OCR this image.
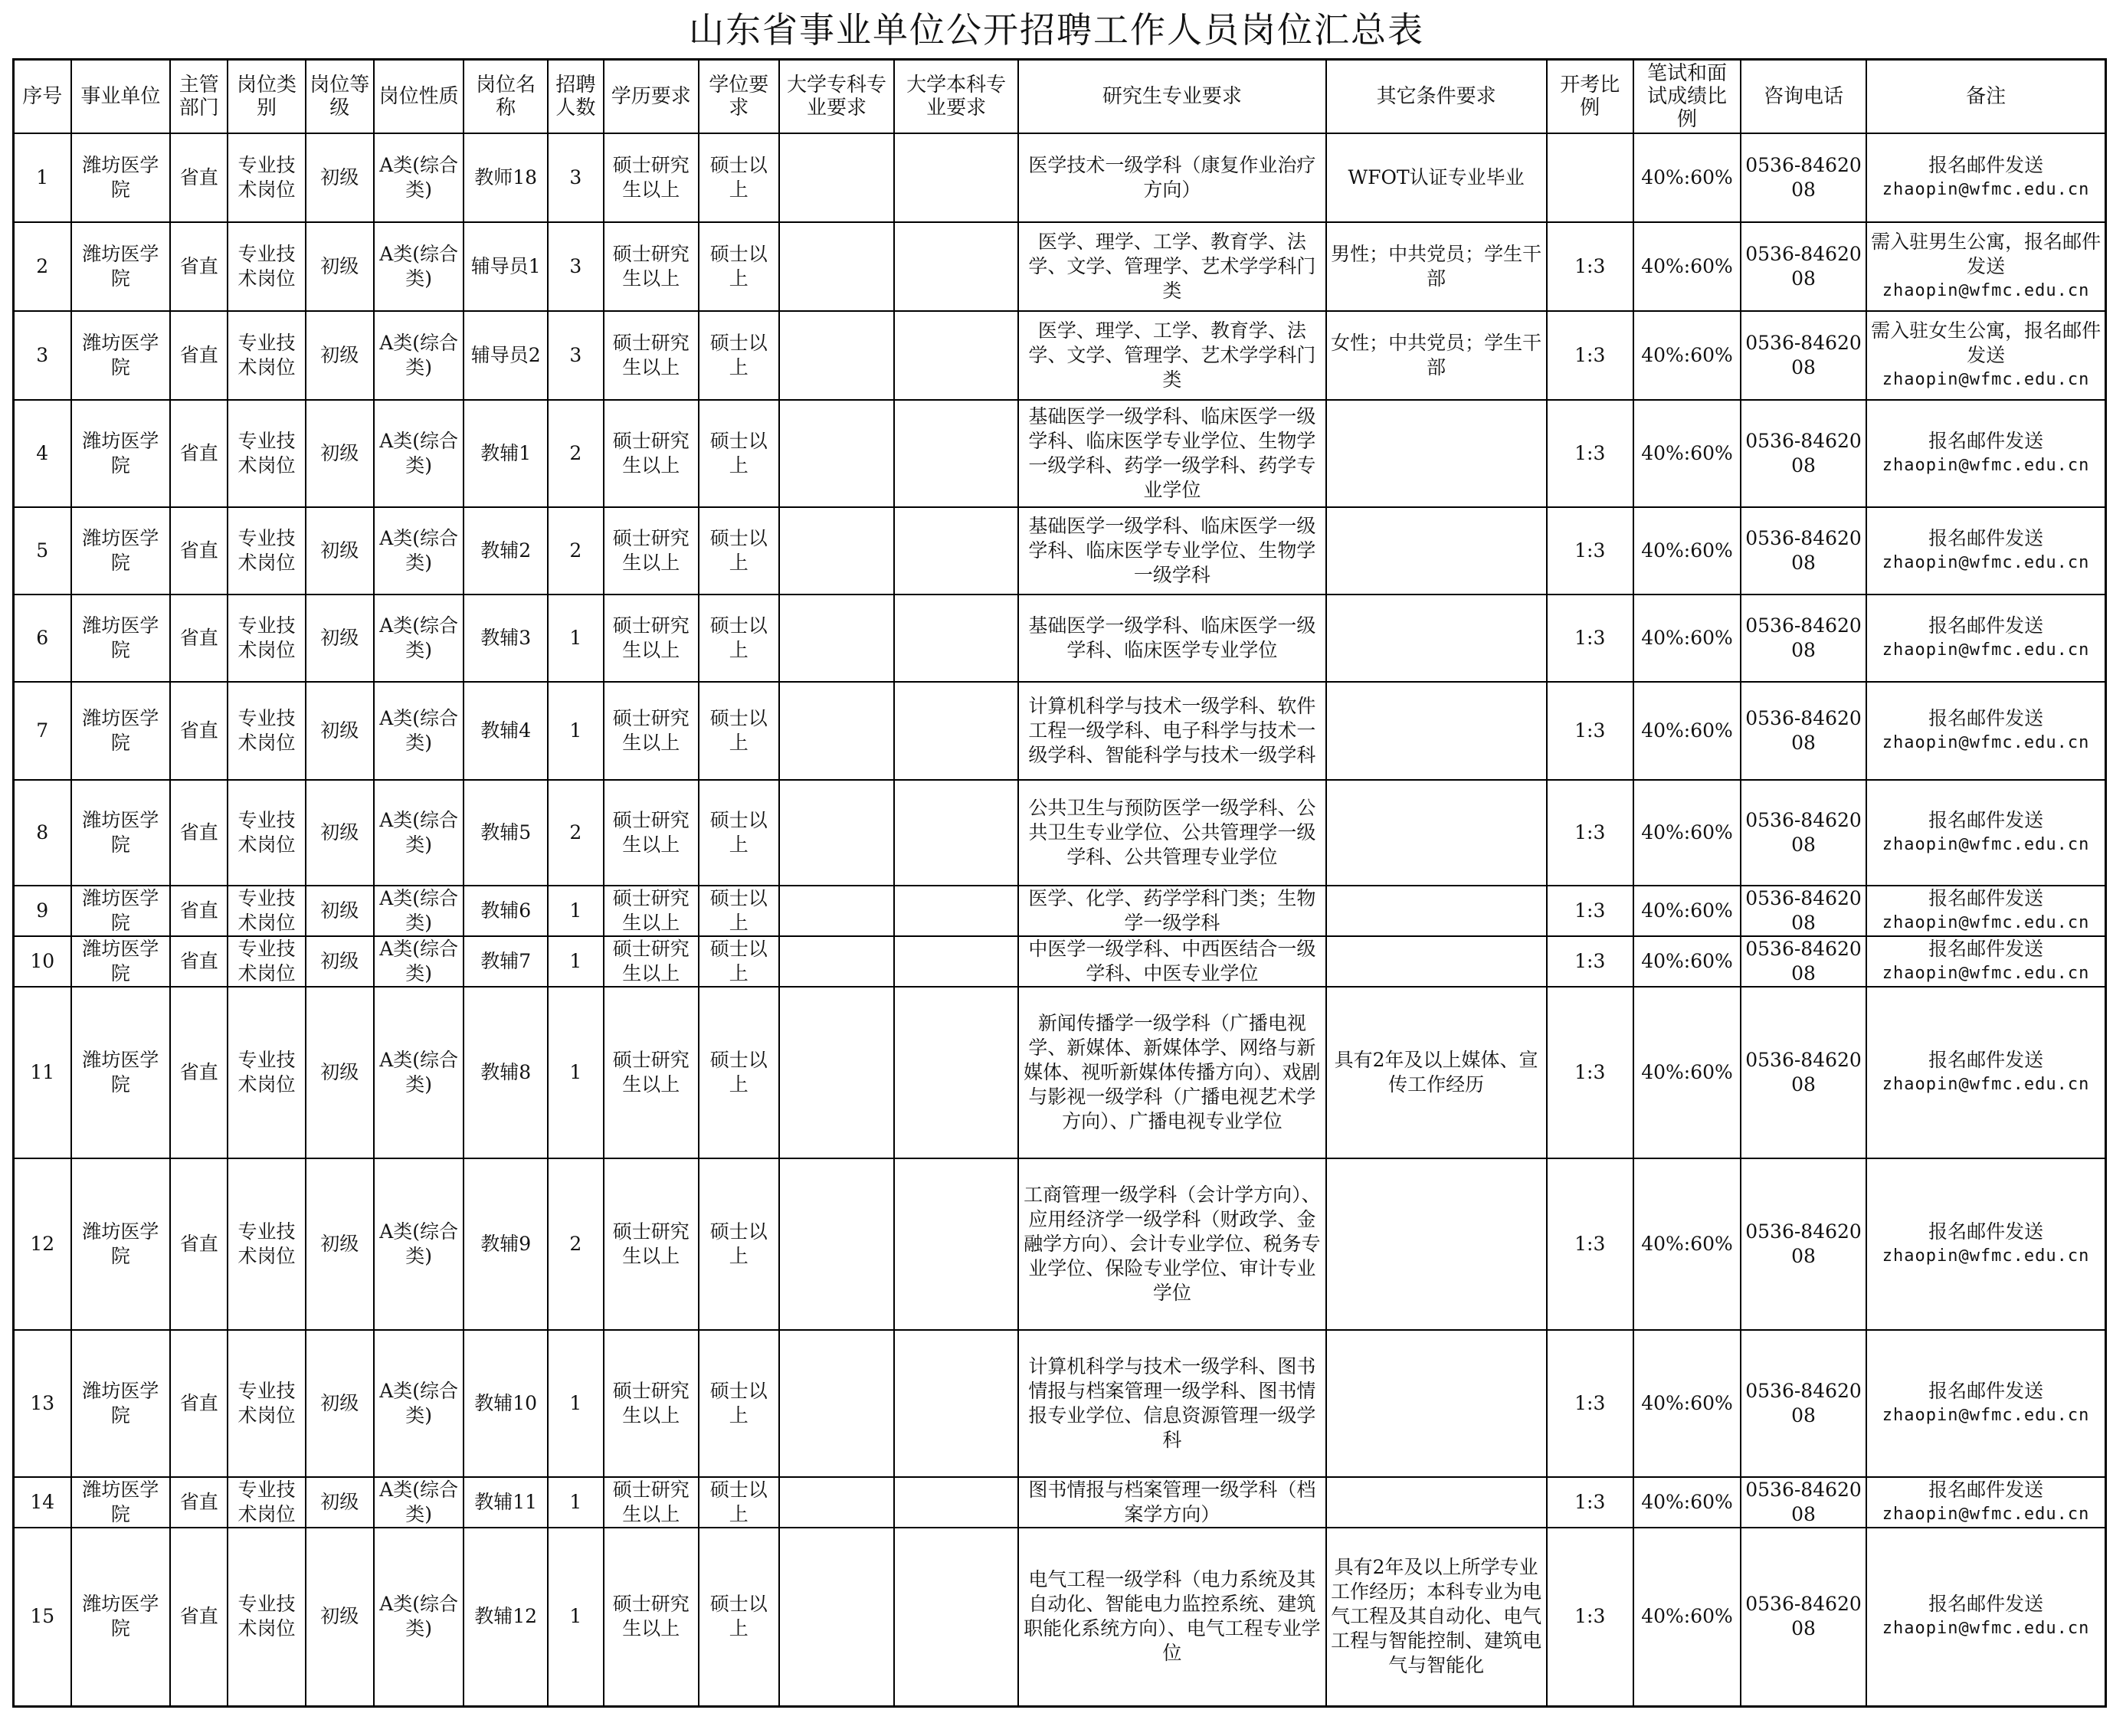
山东省事业单位公开招聘工作人员岗位汇总表
序号	事业单位	主管部门	岗位类别	岗位等级	岗位性质	岗位名称	招聘人数	学历要求	学位要求	大学专科专业要求	大学本科专业要求	研究生专业要求	其它条件要求	开考比例	笔试和面试成绩比例	咨询电话	备注
1	潍坊医学院	省直	专业技术岗位	初级	A类(综合类)	教师18	3	硕士研究生以上	硕士以上			医学技术一级学科（康复作业治疗方向）	WFOT认证专业毕业		40%:60%	0536-8462008	报名邮件发送
zhaopin@wfmc.edu.cn

2	潍坊医学院	省直	专业技术岗位	初级	A类(综合类)	辅导员1	3	硕士研究生以上	硕士以上			医学、理学、工学、教育学、法学、文学、管理学、艺术学学科门类	男性；中共党员；学生干部	1:3	40%:60%	0536-8462008	需入驻男生公寓，报名邮件发送
zhaopin@wfmc.edu.cn

3	潍坊医学院	省直	专业技术岗位	初级	A类(综合类)	辅导员2	3	硕士研究生以上	硕士以上			医学、理学、工学、教育学、法学、文学、管理学、艺术学学科门类	女性；中共党员；学生干部	1:3	40%:60%	0536-8462008	需入驻女生公寓，报名邮件发送
zhaopin@wfmc.edu.cn

4	潍坊医学院	省直	专业技术岗位	初级	A类(综合类)	教辅1	2	硕士研究生以上	硕士以上			基础医学一级学科、临床医学一级学科、临床医学专业学位、生物学一级学科、药学一级学科、药学专业学位		1:3	40%:60%	0536-8462008	报名邮件发送
zhaopin@wfmc.edu.cn

5	潍坊医学院	省直	专业技术岗位	初级	A类(综合类)	教辅2	2	硕士研究生以上	硕士以上			基础医学一级学科、临床医学一级学科、临床医学专业学位、生物学一级学科		1:3	40%:60%	0536-8462008	报名邮件发送
zhaopin@wfmc.edu.cn

6	潍坊医学院	省直	专业技术岗位	初级	A类(综合类)	教辅3	1	硕士研究生以上	硕士以上			基础医学一级学科、临床医学一级学科、临床医学专业学位		1:3	40%:60%	0536-8462008	报名邮件发送
zhaopin@wfmc.edu.cn

7	潍坊医学院	省直	专业技术岗位	初级	A类(综合类)	教辅4	1	硕士研究生以上	硕士以上			计算机科学与技术一级学科、软件工程一级学科、电子科学与技术一级学科、智能科学与技术一级学科		1:3	40%:60%	0536-8462008	报名邮件发送
zhaopin@wfmc.edu.cn

8	潍坊医学院	省直	专业技术岗位	初级	A类(综合类)	教辅5	2	硕士研究生以上	硕士以上			公共卫生与预防医学一级学科、公共卫生专业学位、公共管理学一级学科、公共管理专业学位		1:3	40%:60%	0536-8462008	报名邮件发送
zhaopin@wfmc.edu.cn

9	潍坊医学院	省直	专业技术岗位	初级	A类(综合类)	教辅6	1	硕士研究生以上	硕士以上			医学、化学、药学学科门类；生物学一级学科		1:3	40%:60%	0536-8462008	报名邮件发送
zhaopin@wfmc.edu.cn

10	潍坊医学院	省直	专业技术岗位	初级	A类(综合类)	教辅7	1	硕士研究生以上	硕士以上			中医学一级学科、中西医结合一级学科、中医专业学位		1:3	40%:60%	0536-8462008	报名邮件发送
zhaopin@wfmc.edu.cn

11	潍坊医学院	省直	专业技术岗位	初级	A类(综合类)	教辅8	1	硕士研究生以上	硕士以上			新闻传播学一级学科（广播电视学、新媒体、新媒体学、网络与新媒体、视听新媒体传播方向）、戏剧与影视一级学科（广播电视艺术学方向）、广播电视专业学位	具有2年及以上媒体、宣传工作经历	1:3	40%:60%	0536-8462008	报名邮件发送
zhaopin@wfmc.edu.cn

12	潍坊医学院	省直	专业技术岗位	初级	A类(综合类)	教辅9	2	硕士研究生以上	硕士以上			工商管理一级学科（会计学方向）、应用经济学一级学科（财政学、金融学方向）、会计专业学位、税务专业学位、保险专业学位、审计专业学位		1:3	40%:60%	0536-8462008	报名邮件发送
zhaopin@wfmc.edu.cn

13	潍坊医学院	省直	专业技术岗位	初级	A类(综合类)	教辅10	1	硕士研究生以上	硕士以上			计算机科学与技术一级学科、图书情报与档案管理一级学科、图书情报专业学位、信息资源管理一级学科		1:3	40%:60%	0536-8462008	报名邮件发送
zhaopin@wfmc.edu.cn

14	潍坊医学院	省直	专业技术岗位	初级	A类(综合类)	教辅11	1	硕士研究生以上	硕士以上			图书情报与档案管理一级学科（档案学方向）		1:3	40%:60%	0536-8462008	报名邮件发送
zhaopin@wfmc.edu.cn

15	潍坊医学院	省直	专业技术岗位	初级	A类(综合类)	教辅12	1	硕士研究生以上	硕士以上			电气工程一级学科（电力系统及其自动化、智能电力监控系统、建筑职能化系统方向）、电气工程专业学位	具有2年及以上所学专业工作经历；本科专业为电气工程及其自动化、电气工程与智能控制、建筑电气与智能化	1:3	40%:60%	0536-8462008	报名邮件发送
zhaopin@wfmc.edu.cn
